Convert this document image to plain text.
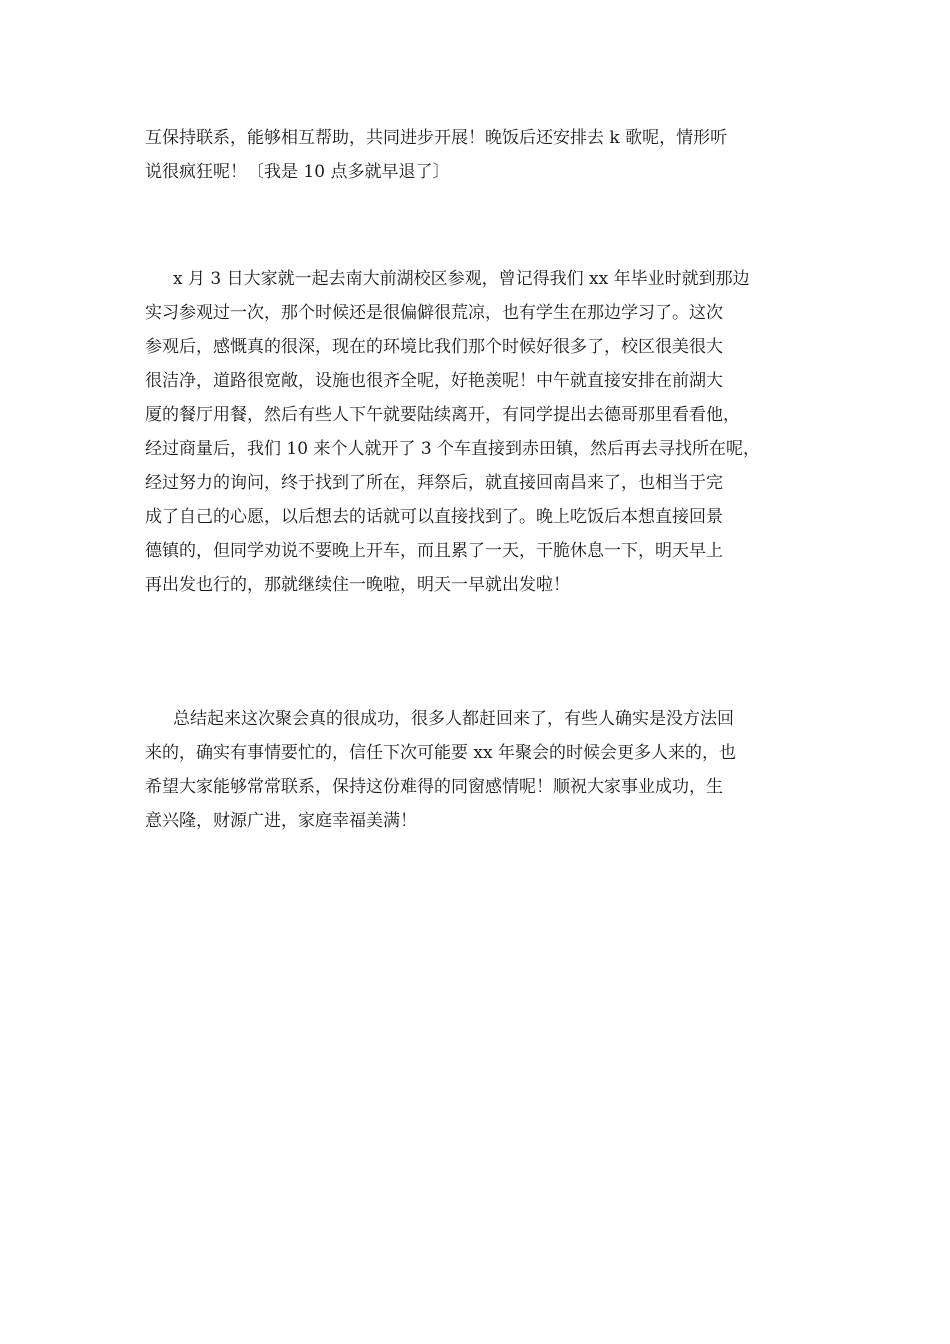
互保持联系，能够相互帮助，共同进步开展！晚饭后还安排去 k 歌呢，情形听
说很疯狂呢！〔我是 10 点多就早退了〕
x 月 3 日大家就一起去南大前湖校区参观，曾记得我们 xx 年毕业时就到那边
实习参观过一次，那个时候还是很偏僻很荒凉，也有学生在那边学习了。这次
参观后，感慨真的很深，现在的环境比我们那个时候好很多了，校区很美很大
很洁净，道路很宽敞，设施也很齐全呢，好艳羡呢！中午就直接安排在前湖大
厦的餐厅用餐，然后有些人下午就要陆续离开，有同学提出去德哥那里看看他，
经过商量后，我们 10 来个人就开了 3 个车直接到赤田镇，然后再去寻找所在呢，
经过努力的询问，终于找到了所在，拜祭后，就直接回南昌来了，也相当于完
成了自己的心愿，以后想去的话就可以直接找到了。晚上吃饭后本想直接回景
德镇的，但同学劝说不要晚上开车，而且累了一天，干脆休息一下，明天早上
再出发也行的，那就继续住一晚啦，明天一早就出发啦！
总结起来这次聚会真的很成功，很多人都赶回来了，有些人确实是没方法回
来的，确实有事情要忙的，信任下次可能要 xx 年聚会的时候会更多人来的，也
希望大家能够常常联系，保持这份难得的同窗感情呢！顺祝大家事业成功，生
意兴隆，财源广进，家庭幸福美满！
